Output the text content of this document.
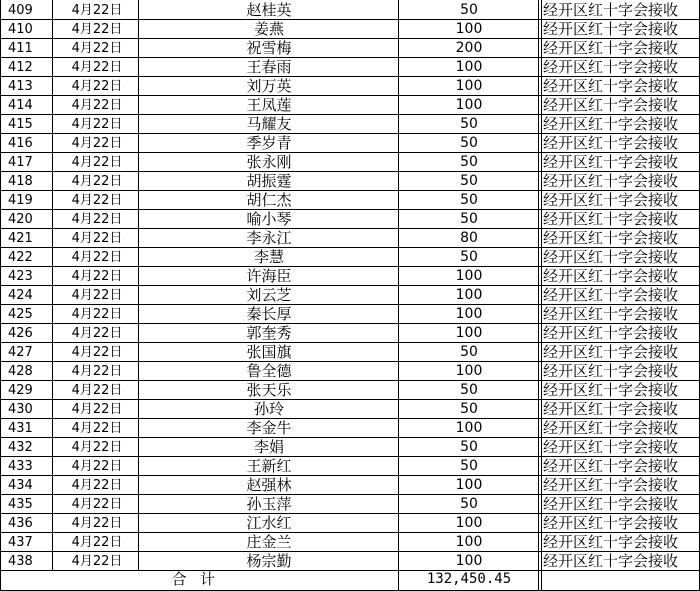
409	4月22日	赵桂英	50	经开区红十字会接收
410	4月22日	姜燕	100	经开区红十字会接收
411	4月22日	祝雪梅	200	经开区红十字会接收
412	4月22日	王春雨	100	经开区红十字会接收
413	4月22日	刘万英	100	经开区红十字会接收
414	4月22日	王凤莲	100	经开区红十字会接收
415	4月22日	马耀友	50	经开区红十字会接收
416	4月22日	季岁青	50	经开区红十字会接收
417	4月22日	张永刚	50	经开区红十字会接收
418	4月22日	胡振霆	50	经开区红十字会接收
419	4月22日	胡仁杰	50	经开区红十字会接收
420	4月22日	喻小琴	50	经开区红十字会接收
421	4月22日	李永江	80	经开区红十字会接收
422	4月22日	李慧	50	经开区红十字会接收
423	4月22日	许海臣	100	经开区红十字会接收
424	4月22日	刘云芝	100	经开区红十字会接收
425	4月22日	秦长厚	100	经开区红十字会接收
426	4月22日	郭奎秀	100	经开区红十字会接收
427	4月22日	张国旗	50	经开区红十字会接收
428	4月22日	鲁全德	100	经开区红十字会接收
429	4月22日	张天乐	50	经开区红十字会接收
430	4月22日	孙玲	50	经开区红十字会接收
431	4月22日	李金牛	100	经开区红十字会接收
432	4月22日	李娟	50	经开区红十字会接收
433	4月22日	王新红	50	经开区红十字会接收
434	4月22日	赵强林	100	经开区红十字会接收
435	4月22日	孙玉萍	50	经开区红十字会接收
436	4月22日	江水红	100	经开区红十字会接收
437	4月22日	庄金兰	100	经开区红十字会接收
438	4月22日	杨宗勤	100	经开区红十字会接收
合计	132,450.45
